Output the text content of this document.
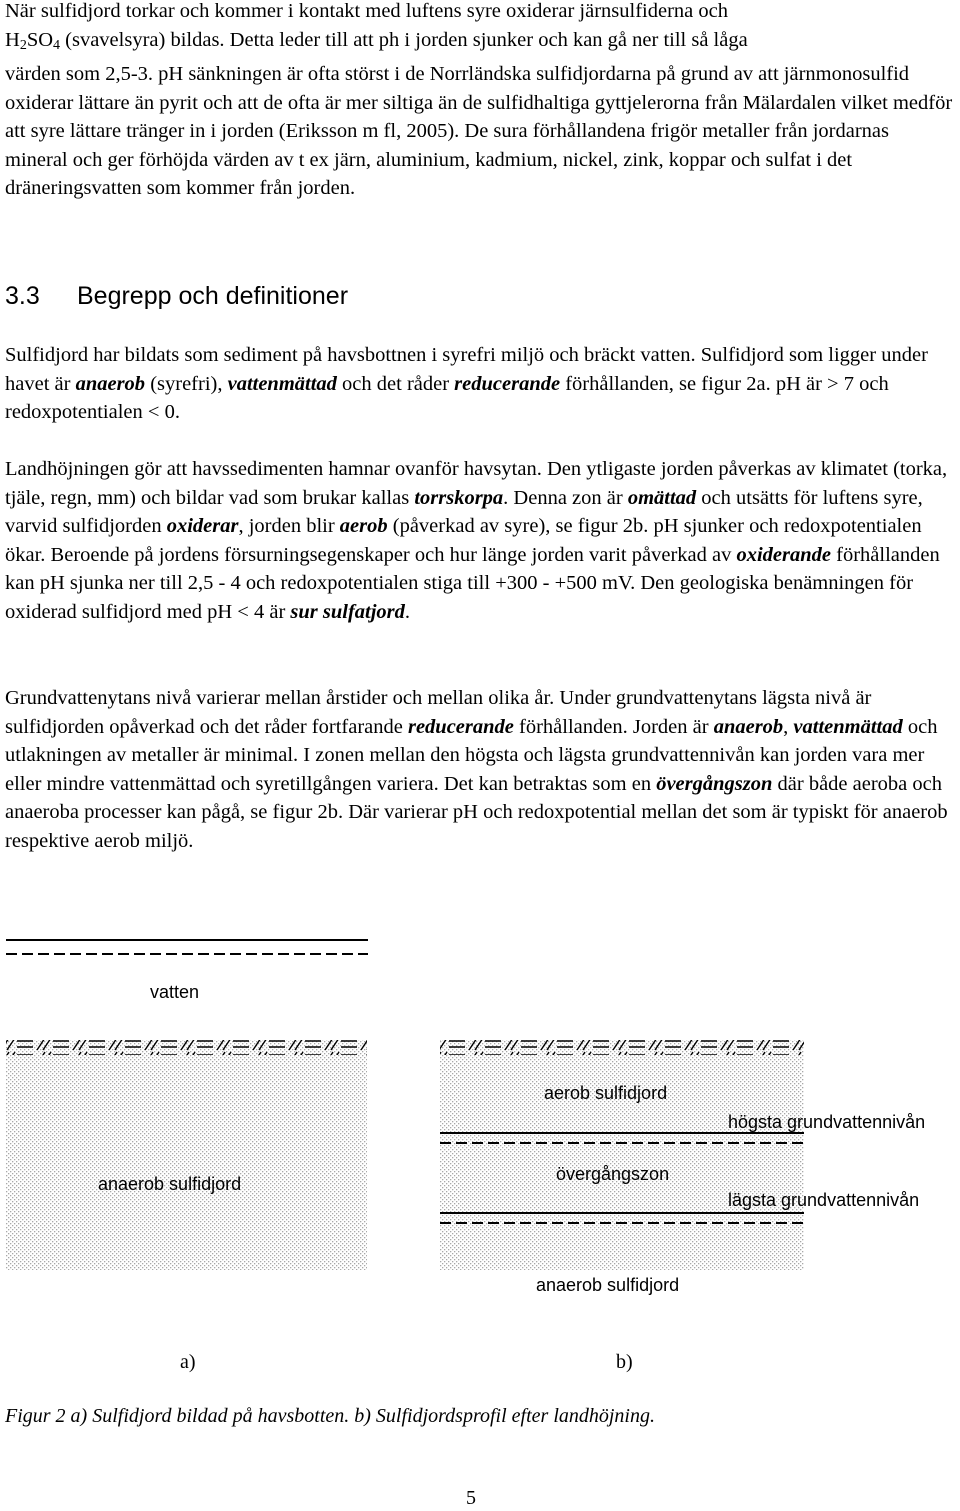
När sulfidjord torkar och kommer i kontakt med luftens syre oxiderar järnsulfiderna och
$H_2SO_4$ (svavelsyra) bildas. Detta leder till att ph i jorden sjunker och kan gå ner till så låga
värden som 2,5-3. pH sänkningen är ofta störst i de Norrländska sulfidjordarna på grund av att järnmonosulfid oxiderar lättare än pyrit och att de ofta är mer siltiga än de sulfidhaltiga gyttjelerorna från Mälardalen vilket medför att syre lättare tränger in i jorden (Eriksson m fl, 2005). De sura förhållandena frigör metaller från jordarnas mineral och ger förhöjda värden av t ex järn, aluminium, kadmium, nickel, zink, koppar och sulfat i det dräneringsvatten som kommer från jorden.
3.3 Begrepp och definitioner
Sulfidjord har bildats som sediment på havsbottnen i syrefri miljö och bräckt vatten. Sulfidjord som ligger under havet är anaerob (syrefri), vattenmättad och det råder reducerande förhållanden, se figur 2a. pH är > 7 och redoxpotentialen < 0.
Landhöjningen gör att havssedimenten hamnar ovanför havsytan. Den ytligaste jorden påverkas av klimatet (torka, tjäle, regn, mm) och bildar vad som brukar kallas torrskorpa. Denna zon är omättad och utsätts för luftens syre, varvid sulfidjorden oxiderar, jorden blir aerob (påverkad av syre), se figur 2b. pH sjunker och redoxpotentialen ökar. Beroende på jordens försurningsegenskaper och hur länge jorden varit påverkad av oxiderande förhållanden kan pH sjunka ner till 2,5 - 4 och redoxpotentialen stiga till +300 - +500 mV. Den geologiska benämningen för oxiderad sulfidjord med pH < 4 är sur sulfatjord.
Grundvattenytans nivå varierar mellan årstider och mellan olika år. Under grundvattenytans lägsta nivå är sulfidjorden opåverkad och det råder fortfarande reducerande förhållanden. Jorden är anaerob, vattenmättad och utlakningen av metaller är minimal. I zonen mellan den högsta och lägsta grundvattennivån kan jorden vara mer eller mindre vattenmättad och syretillgången variera. Det kan betraktas som en övergångszon där både aeroba och anaeroba processer kan pågå, se figur 2b. Där varierar pH och redoxpotential mellan det som är typiskt för anaerob respektive aerob miljö.
vatten
anaerob sulfidjord
aerob sulfidjord
högsta grundvattennivån
övergångszon
lägsta grundvattennivån
anaerob sulfidjord
a)	b)
Figur 2 a) Sulfidjord bildad på havsbotten. b) Sulfidjordsprofil efter landhöjning.
5
